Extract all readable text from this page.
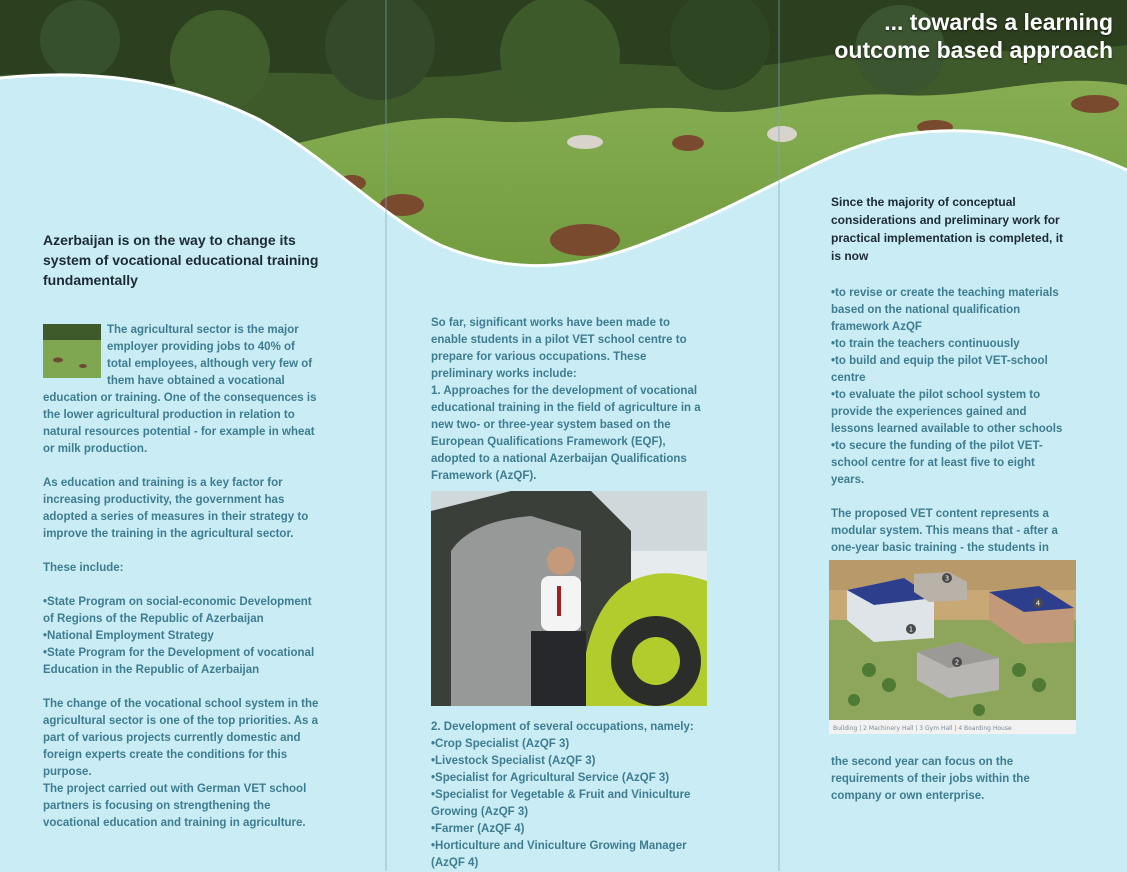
... towards a learning
outcome based approach

Azerbaijan is on the way to change its system of vocational educational training fundamentally

The agricultural sector is the major employer providing jobs to 40% of total employees, although very few of them have obtained a vocational education or training. One of the consequences is the lower agricultural production in relation to natural resources potential - for example in wheat or milk production.

As education and training is a key factor for increasing productivity, the government has adopted a series of measures in their strategy to improve the training in the agricultural sector.

These include:

• State Program on social-economic Development of Regions of the Republic of Azerbaijan
• National Employment Strategy
• State Program for the Development of vocational Education in the Republic of Azerbaijan

The change of the vocational school system in the agricultural sector is one of the top priorities. As a part of various projects currently domestic and foreign experts create the conditions for this purpose.

The project carried out with German VET school partners is focusing on strengthening the vocational education and training in agriculture.

So far, significant works have been made to enable students in a pilot VET school centre to prepare for various occupations. These preliminary works include:

1. Approaches for the development of vocational educational training in the field of agriculture in a new two- or three-year system based on the European Qualifications Framework (EQF), adopted to a national Azerbaijan Qualifications Framework (AzQF).

2. Development of several occupations, namely:

• Crop Specialist (AzQF 3)
• Livestock Specialist (AzQF 3)
• Specialist for Agricultural Service (AzQF 3)
• Specialist for Vegetable & Fruit and Viniculture Growing (AzQF 3)
• Farmer (AzQF 4)
• Horticulture and Viniculture Growing Manager (AzQF 4)

Since the majority of conceptual considerations and preliminary work for practical implementation is completed, it is now

• to revise or create the teaching materials based on the national qualification framework AzQF
• to train the teachers continuously
• to build and equip the pilot VET-school centre
• to evaluate the pilot school system to provide the experiences gained and lessons learned available to other schools
• to secure the funding of the pilot VET-school centre for at least five to eight years.

The proposed VET content represents a modular system. This means that - after a one-year basic training - the students in

1
2
3
4
Building | 2 Machinery Hall | 3 Gym Hall | 4 Boarding House

the second year can focus on the requirements of their jobs within the company or own enterprise.
